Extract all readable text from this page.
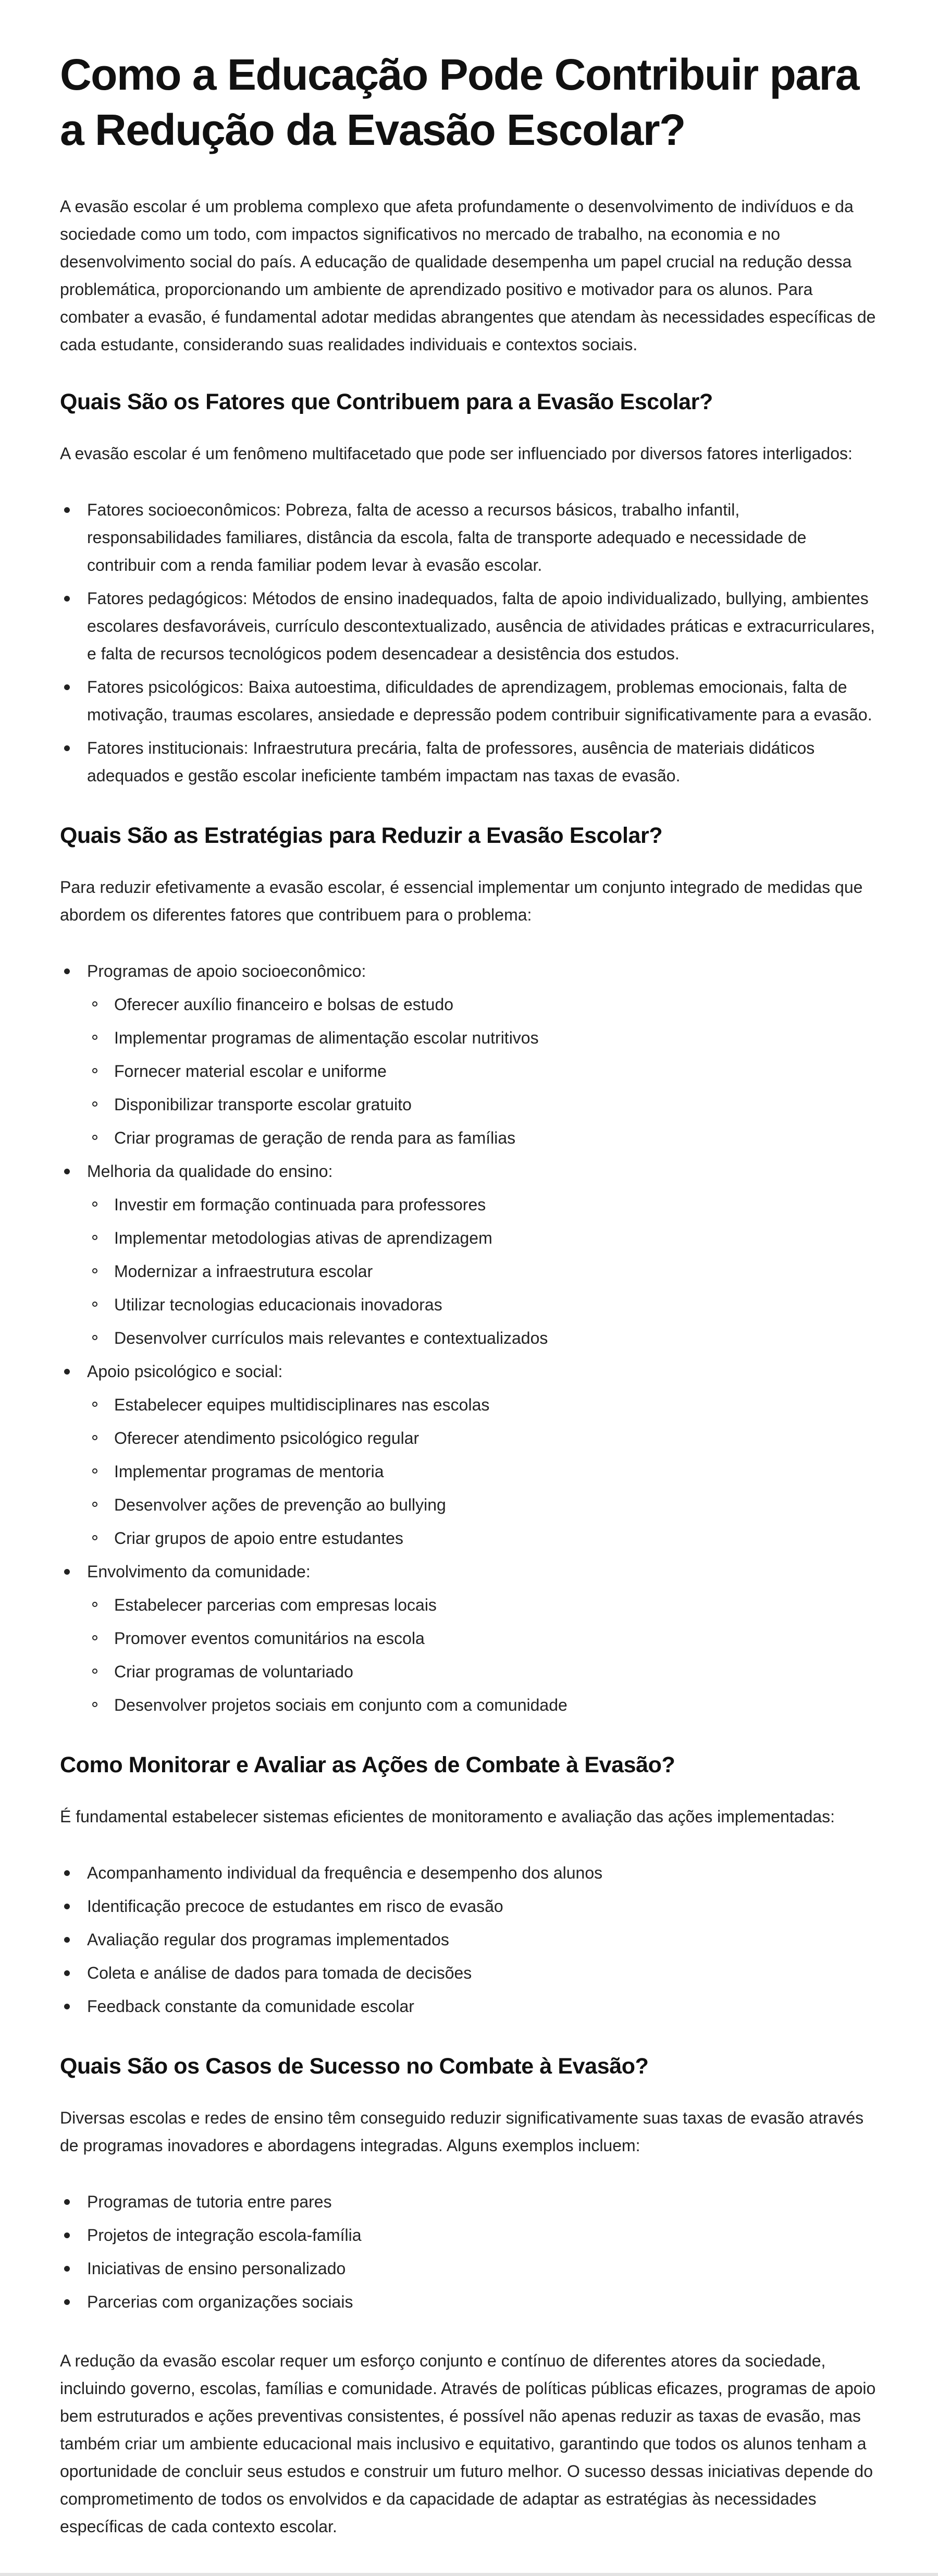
Como a Educação Pode Contribuir para a Redução da Evasão Escolar?

A evasão escolar é um problema complexo que afeta profundamente o desenvolvimento de indivíduos e da sociedade como um todo, com impactos significativos no mercado de trabalho, na economia e no desenvolvimento social do país. A educação de qualidade desempenha um papel crucial na redução dessa problemática, proporcionando um ambiente de aprendizado positivo e motivador para os alunos. Para combater a evasão, é fundamental adotar medidas abrangentes que atendam às necessidades específicas de cada estudante, considerando suas realidades individuais e contextos sociais.

Quais São os Fatores que Contribuem para a Evasão Escolar?

A evasão escolar é um fenômeno multifacetado que pode ser influenciado por diversos fatores interligados:

Fatores socioeconômicos: Pobreza, falta de acesso a recursos básicos, trabalho infantil, responsabilidades familiares, distância da escola, falta de transporte adequado e necessidade de contribuir com a renda familiar podem levar à evasão escolar.
Fatores pedagógicos: Métodos de ensino inadequados, falta de apoio individualizado, bullying, ambientes escolares desfavoráveis, currículo descontextualizado, ausência de atividades práticas e extracurriculares, e falta de recursos tecnológicos podem desencadear a desistência dos estudos.
Fatores psicológicos: Baixa autoestima, dificuldades de aprendizagem, problemas emocionais, falta de motivação, traumas escolares, ansiedade e depressão podem contribuir significativamente para a evasão.
Fatores institucionais: Infraestrutura precária, falta de professores, ausência de materiais didáticos adequados e gestão escolar ineficiente também impactam nas taxas de evasão.
Quais São as Estratégias para Reduzir a Evasão Escolar?

Para reduzir efetivamente a evasão escolar, é essencial implementar um conjunto integrado de medidas que abordem os diferentes fatores que contribuem para o problema:

Programas de apoio socioeconômico:
Oferecer auxílio financeiro e bolsas de estudo
Implementar programas de alimentação escolar nutritivos
Fornecer material escolar e uniforme
Disponibilizar transporte escolar gratuito
Criar programas de geração de renda para as famílias
Melhoria da qualidade do ensino:
Investir em formação continuada para professores
Implementar metodologias ativas de aprendizagem
Modernizar a infraestrutura escolar
Utilizar tecnologias educacionais inovadoras
Desenvolver currículos mais relevantes e contextualizados
Apoio psicológico e social:
Estabelecer equipes multidisciplinares nas escolas
Oferecer atendimento psicológico regular
Implementar programas de mentoria
Desenvolver ações de prevenção ao bullying
Criar grupos de apoio entre estudantes
Envolvimento da comunidade:
Estabelecer parcerias com empresas locais
Promover eventos comunitários na escola
Criar programas de voluntariado
Desenvolver projetos sociais em conjunto com a comunidade
Como Monitorar e Avaliar as Ações de Combate à Evasão?

É fundamental estabelecer sistemas eficientes de monitoramento e avaliação das ações implementadas:

Acompanhamento individual da frequência e desempenho dos alunos
Identificação precoce de estudantes em risco de evasão
Avaliação regular dos programas implementados
Coleta e análise de dados para tomada de decisões
Feedback constante da comunidade escolar
Quais São os Casos de Sucesso no Combate à Evasão?

Diversas escolas e redes de ensino têm conseguido reduzir significativamente suas taxas de evasão através de programas inovadores e abordagens integradas. Alguns exemplos incluem:

Programas de tutoria entre pares
Projetos de integração escola-família
Iniciativas de ensino personalizado
Parcerias com organizações sociais

A redução da evasão escolar requer um esforço conjunto e contínuo de diferentes atores da sociedade, incluindo governo, escolas, famílias e comunidade. Através de políticas públicas eficazes, programas de apoio bem estruturados e ações preventivas consistentes, é possível não apenas reduzir as taxas de evasão, mas também criar um ambiente educacional mais inclusivo e equitativo, garantindo que todos os alunos tenham a oportunidade de concluir seus estudos e construir um futuro melhor. O sucesso dessas iniciativas depende do comprometimento de todos os envolvidos e da capacidade de adaptar as estratégias às necessidades específicas de cada contexto escolar.
